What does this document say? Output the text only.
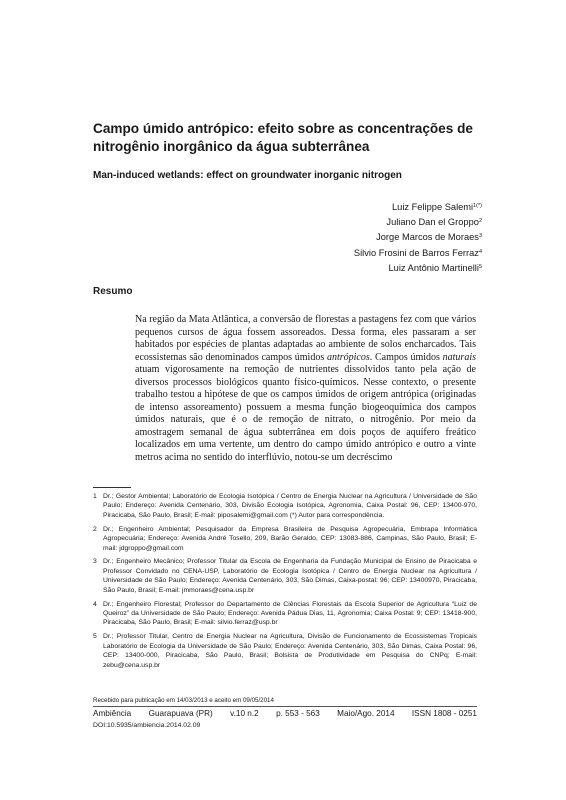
Campo úmido antrópico: efeito sobre as concentrações de nitrogênio inorgânico da água subterrânea
Man-induced wetlands: effect on groundwater inorganic nitrogen
Luiz Felippe Salemi$^{1(*)}$
Juliano Dan el Groppo$^2$
Jorge Marcos de Moraes$^3$
Silvio Frosini de Barros Ferraz$^4$
Luiz Antônio Martinelli$^5$
Resumo

Na região da Mata Atlântica, a conversão de florestas a pastagens fez com que vários pequenos cursos de água fossem assoreados. Dessa forma, eles passaram a ser habitados por espécies de plantas adaptadas ao ambiente de solos encharcados. Tais ecossistemas são denominados campos úmidos antrópicos. Campos úmidos naturais atuam vigorosamente na remoção de nutrientes dissolvidos tanto pela ação de diversos processos biológicos quanto físico-químicos. Nesse contexto, o presente trabalho testou a hipótese de que os campos úmidos de origem antrópica (originadas de intenso assoreamento) possuem a mesma função biogeoquímica dos campos úmidos naturais, que é o de remoção de nitrato, o nitrogênio. Por meio da amostragem semanal de água subterrânea em dois poços de aquífero freático localizados em uma vertente, um dentro do campo úmido antrópico e outro a vinte metros acima no sentido do interflúvio, notou-se um decréscimo

1 Dr.; Gestor Ambiental; Laboratório de Ecologia Isotópica / Centro de Energia Nuclear na Agricultura / Universidade de São Paulo; Endereço: Avenida Centenário, 303, Divisão Ecologia Isotópica, Agronomia, Caixa Postal: 96, CEP: 13400-970, Piracicaba, São Paulo, Brasil; E-mail: piposalemi@gmail.com (*) Autor para correspondência.
2 Dr.; Engenheiro Ambiental; Pesquisador da Empresa Brasileira de Pesquisa Agropecuária, Embrapa Informática Agropecuária; Endereço: Avenida André Tosello, 209, Barão Geraldo, CEP: 13083-886, Campinas, São Paulo, Brasil; E-mail: jdgroppo@gmail.com
3 Dr.; Engenheiro Mecânico; Professor Titular da Escola de Engenharia da Fundação Municipal de Ensino de Piracicaba e Professor Convidado no CENA-USP, Laboratório de Ecologia Isotópica / Centro de Energia Nuclear na Agricultura / Universidade de São Paulo; Endereço: Avenida Centenário, 303, São Dimas, Caixa-postal: 96; CEP: 13400970, Piracicaba, São Paulo, Brasil; E-mail: jmmoraes@cena.usp.br
4 Dr.; Engenheiro Florestal; Professor do Departamento de Ciências Florestais da Escola Superior de Agricultura “Luiz de Queiroz” da Universidade de São Paulo; Endereço: Avenida Pádua Dias, 11, Agronomia; Caixa Postal: 9; CEP: 13418-900, Piracicaba, São Paulo, Brasil; E-mail: silvio.ferraz@usp.br
5 Dr.; Professor Titular, Centro de Energia Nuclear na Agricultura, Divisão de Funcionamento de Ecossistemas Tropicais Laboratório de Ecologia da Universidade de São Paulo; Endereço: Avenida Centenário, 303, São Dimas, Caixa Postal: 96, CEP: 13400-000, Piracicaba, São Paulo, Brasil; Bolsista de Produtividade em Pesquisa do CNPq; E-mail: zebu@cena.usp.br
Recebido para publicação em 14/03/2013 e aceito em 09/05/2014
Ambiência Guarapuava (PR) v.10 n.2 p. 553 - 563 Maio/Ago. 2014 ISSN 1808 - 0251
DOI:10.5935/ambiencia.2014.02.09
